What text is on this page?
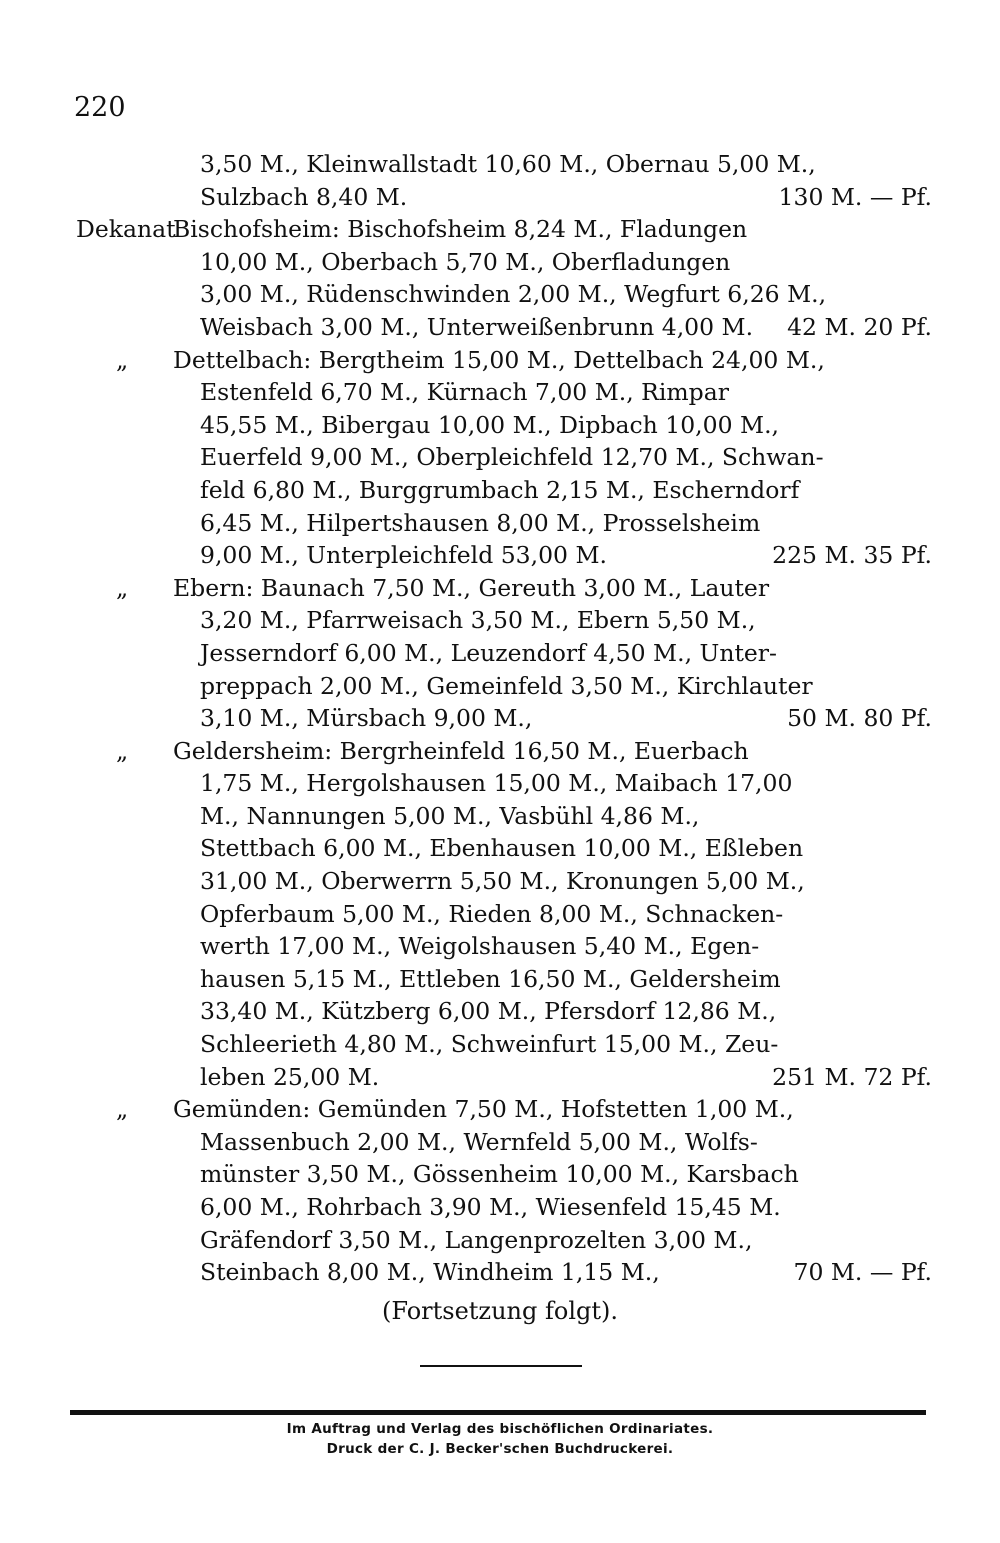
220
3,50 M., Kleinwallstadt 10,60 M., Obernau 5,00 M.,
Sulzbach 8,40 M.	130 M. — Pf.
Dekanat
Bischofsheim: Bischofsheim 8,24 M., Fladungen
10,00 M., Oberbach 5,70 M., Oberfladungen
3,00 M., Rüdenschwinden 2,00 M., Wegfurt 6,26 M.,
Weisbach 3,00 M., Unterweißenbrunn 4,00 M. 42 M. 20 Pf.
„ Dettelbach: Bergtheim 15,00 M., Dettelbach 24,00 M.,
Estenfeld 6,70 M., Kürnach 7,00 M., Rimpar
45,55 M., Bibergau 10,00 M., Dipbach 10,00 M.,
Euerfeld 9,00 M., Oberpleichfeld 12,70 M., Schwan-
feld 6,80 M., Burggrumbach 2,15 M., Escherndorf
6,45 M., Hilpertshausen 8,00 M., Prosselsheim
9,00 M., Unterpleichfeld 53,00 M.	225 M. 35 Pf.
„ Ebern: Baunach 7,50 M., Gereuth 3,00 M., Lauter
3,20 M., Pfarrweisach 3,50 M., Ebern 5,50 M.,
Jesserndorf 6,00 M., Leuzendorf 4,50 M., Unter-
preppach 2,00 M., Gemeinfeld 3,50 M., Kirchlauter
3,10 M., Mürsbach 9,00 M.,	50 M. 80 Pf.
„ Geldersheim: Bergrheinfeld 16,50 M., Euerbach
1,75 M., Hergolshausen 15,00 M., Maibach 17,00
M., Nannungen 5,00 M., Vasbühl 4,86 M.,
Stettbach 6,00 M., Ebenhausen 10,00 M., Eßleben
31,00 M., Oberwerrn 5,50 M., Kronungen 5,00 M.,
Opferbaum 5,00 M., Rieden 8,00 M., Schnacken-
werth 17,00 M., Weigolshausen 5,40 M., Egen-
hausen 5,15 M., Ettleben 16,50 M., Geldersheim
33,40 M., Kützberg 6,00 M., Pfersdorf 12,86 M.,
Schleerieth 4,80 M., Schweinfurt 15,00 M., Zeu-
leben 25,00 M.	251 M. 72 Pf.
„ Gemünden: Gemünden 7,50 M., Hofstetten 1,00 M.,
Massenbuch 2,00 M., Wernfeld 5,00 M., Wolfs-
münster 3,50 M., Gössenheim 10,00 M., Karsbach
6,00 M., Rohrbach 3,90 M., Wiesenfeld 15,45 M.
Gräfendorf 3,50 M., Langenprozelten 3,00 M.,
Steinbach 8,00 M., Windheim 1,15 M.,	70 M. — Pf.
(Fortsetzung folgt).
Im Auftrag und Verlag des bischöflichen Ordinariates.
Druck der C. J. Becker'schen Buchdruckerei.
